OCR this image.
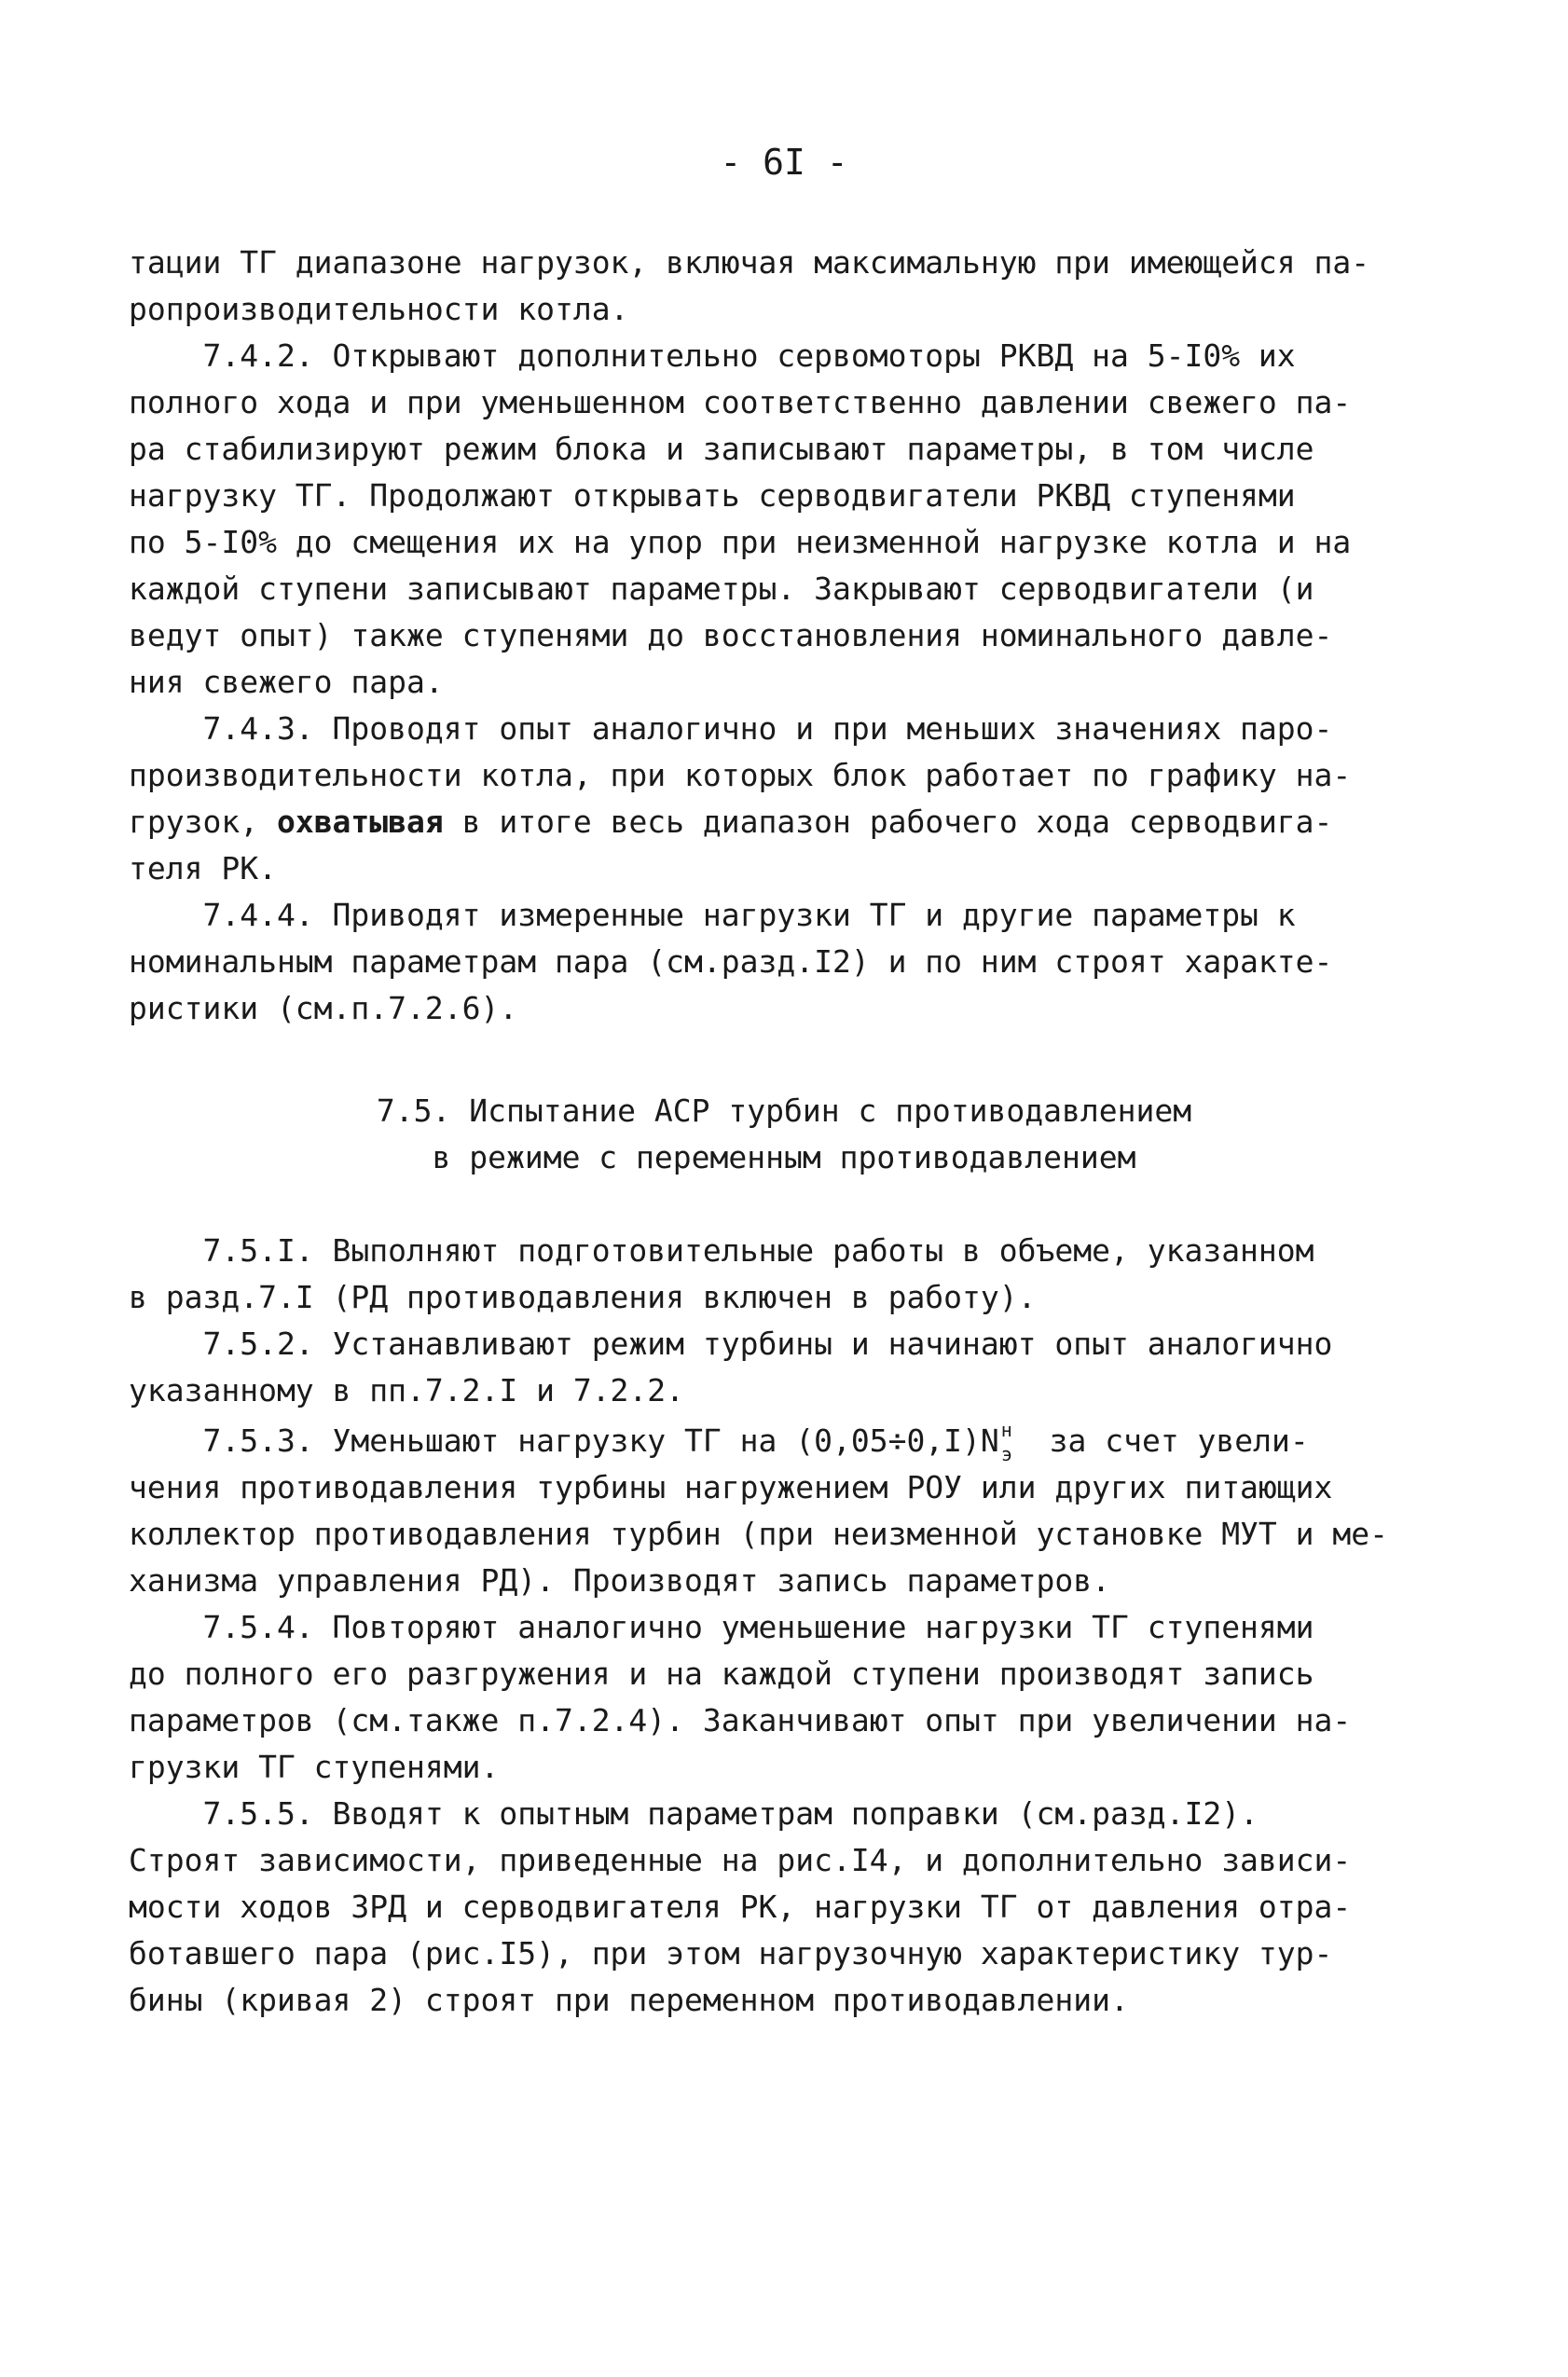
- 6I -
тации ТГ диапазоне нагрузок, включая максимальную при имеющейся па-
ропроизводительности котла.
7.4.2. Открывают дополнительно сервомоторы РКВД на 5-I0% их
полного хода и при уменьшенном соответственно давлении свежего па-
ра стабилизируют режим блока и записывают параметры, в том числе
нагрузку ТГ. Продолжают открывать серводвигатели РКВД ступенями
по 5-I0% до смещения их на упор при неизменной нагрузке котла и на
каждой ступени записывают параметры. Закрывают серводвигатели (и
ведут опыт) также ступенями до восстановления номинального давле-
ния свежего пара.
7.4.3. Проводят опыт аналогично и при меньших значениях паро-
производительности котла, при которых блок работает по графику на-
грузок, охватывая в итоге весь диапазон рабочего хода серводвига-
теля РК.
7.4.4. Приводят измеренные нагрузки ТГ и другие параметры к
номинальным параметрам пара (см.разд.I2) и по ним строят характе-
ристики (см.п.7.2.6).
7.5. Испытание АСР турбин с противодавлением
в режиме с переменным противодавлением
7.5.I. Выполняют подготовительные работы в объеме, указанном
в разд.7.I (РД противодавления включен в работу).
7.5.2. Устанавливают режим турбины и начинают опыт аналогично
указанному в пп.7.2.I и 7.2.2.
7.5.3. Уменьшают нагрузку ТГ на (0,05÷0,I)N $^н_э$  за счет увели-
чения противодавления турбины нагружением РОУ или других питающих
коллектор противодавления турбин (при неизменной установке МУТ и ме-
ханизма управления РД). Производят запись параметров.
7.5.4. Повторяют аналогично уменьшение нагрузки ТГ ступенями
до полного его разгружения и на каждой ступени производят запись
параметров (см.также п.7.2.4). Заканчивают опыт при увеличении на-
грузки ТГ ступенями.
7.5.5. Вводят к опытным параметрам поправки (см.разд.I2).
Строят зависимости, приведенные на рис.I4, и дополнительно зависи-
мости ходов ЗРД и серводвигателя РК, нагрузки ТГ от давления отра-
ботавшего пара (рис.I5), при этом нагрузочную характеристику тур-
бины (кривая 2) строят при переменном противодавлении.
